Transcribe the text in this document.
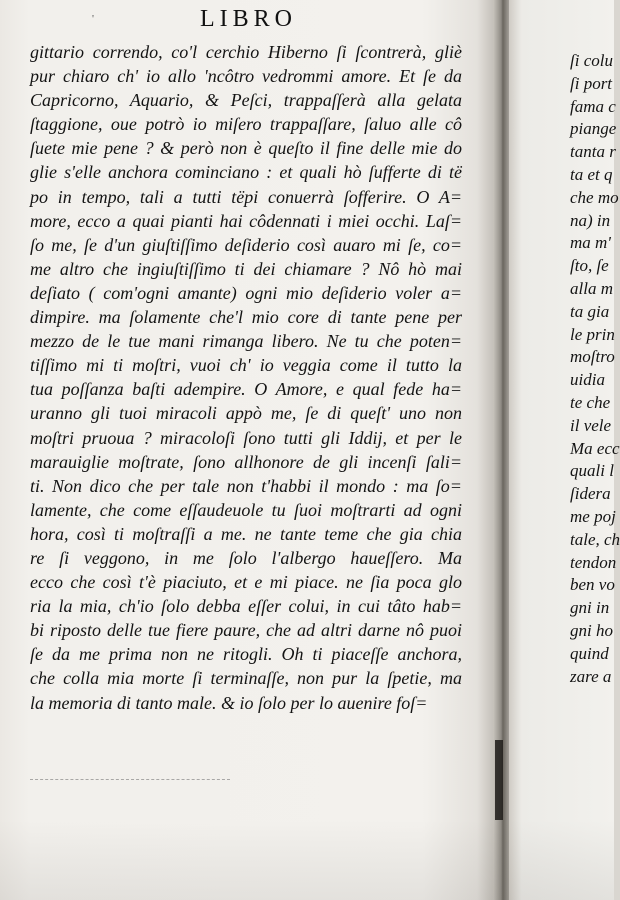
'	LIBRO
gittario correndo, co'l cerchio Hiberno ſi ſcontrerà, gliè
pur chiaro ch' io allo 'ncôtro vedrommi amore. Et ſe da
Capricorno, Aquario, & Peſci, trappaſſerà alla gelata
ſtaggione, oue potrò io miſero trappaſſare, ſaluo alle cô
ſuete mie pene ? & però non è queſto il fine delle mie do
glie s'elle anchora cominciano : et quali hò ſufferte di të
po in tempo, tali a tutti tëpi conuerrà ſofferire. O A=
more, ecco a quai pianti hai côdennati i miei occhi. Laſ=
ſo me, ſe d'un giuſtiſſimo deſiderio così auaro mi ſe, co=
me altro che ingiuſtiſſimo ti dei chiamare ? Nô hò mai
deſiato ( com'ogni amante) ogni mio deſiderio voler a=
dimpire. ma ſolamente che'l mio core di tante pene per
mezzo de le tue mani rimanga libero. Ne tu che poten=
tiſſimo mi ti moſtri, vuoi ch' io veggia come il tutto la
tua poſſanza baſti adempire. O Amore, e qual fede ha=
uranno gli tuoi miracoli appò me, ſe di queſt' uno non
moſtri pruoua ? miracoloſi ſono tutti gli Iddij, et per le
marauiglie moſtrate, ſono allhonore de gli incenſi ſali=
ti. Non dico che per tale non t'habbi il mondo : ma ſo=
lamente, che come eſſaudeuole tu ſuoi moſtrarti ad ogni
hora, così ti moſtraſſi a me. ne tante teme che gia chia
re ſi veggono, in me ſolo l'albergo haueſſero. Ma
ecco che così t'è piaciuto, et e mi piace. ne ſia poca glo
ria la mia, ch'io ſolo debba eſſer colui, in cui tâto hab=
bi riposto delle tue fiere paure, che ad altri darne nô puoi
ſe da me prima non ne ritogli. Oh ti piaceſſe anchora,
che colla mia morte ſi terminaſſe, non pur la ſpetie, ma
la memoria di tanto male. & io ſolo per lo auenire foſ=
ſi colu
ſi port
fama c
piange
tanta r
ta et q
che mo
na) in
ma m'
ſto, ſe
alla m
ta gia
le prin
moſtro
uidia
te che
il vele
Ma ecc
quali l
ſidera
me poj
tale, ch
tendon
ben vo
gni in
gni ho
quind
zare a
